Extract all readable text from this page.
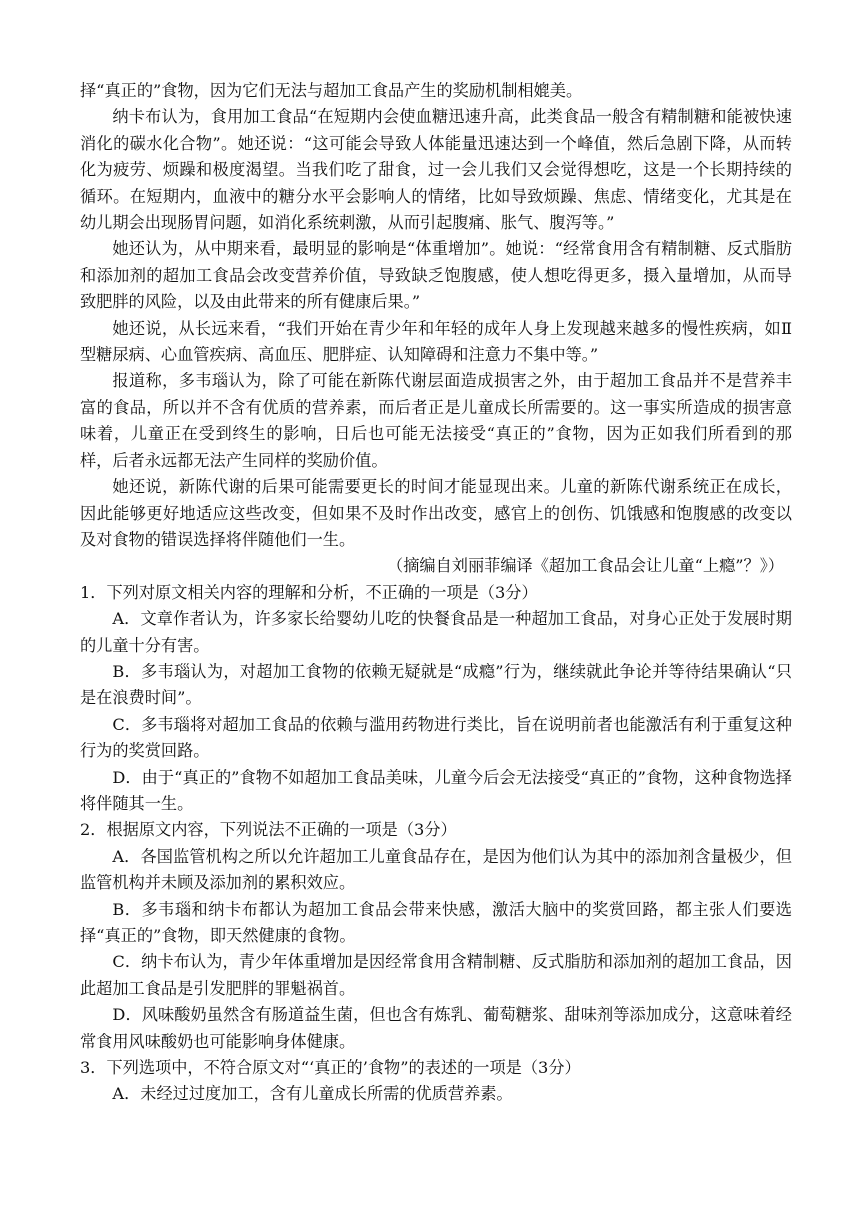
择“真正的”食物，因为它们无法与超加工食品产生的奖励机制相媲美。

纳卡布认为，食用加工食品“在短期内会使血糖迅速升高，此类食品一般含有精制糖和能被快速消化的碳水化合物”。她还说：“这可能会导致人体能量迅速达到一个峰值，然后急剧下降，从而转化为疲劳、烦躁和极度渴望。当我们吃了甜食，过一会儿我们又会觉得想吃，这是一个长期持续的循环。在短期内，血液中的糖分水平会影响人的情绪，比如导致烦躁、焦虑、情绪变化，尤其是在幼儿期会出现肠胃问题，如消化系统刺激，从而引起腹痛、胀气、腹泻等。”

她还认为，从中期来看，最明显的影响是“体重增加”。她说：“经常食用含有精制糖、反式脂肪和添加剂的超加工食品会改变营养价值，导致缺乏饱腹感，使人想吃得更多，摄入量增加，从而导致肥胖的风险，以及由此带来的所有健康后果。”

她还说，从长远来看，“我们开始在青少年和年轻的成年人身上发现越来越多的慢性疾病，如Ⅱ型糖尿病、心血管疾病、高血压、肥胖症、认知障碍和注意力不集中等。”

报道称，多韦瑙认为，除了可能在新陈代谢层面造成损害之外，由于超加工食品并不是营养丰富的食品，所以并不含有优质的营养素，而后者正是儿童成长所需要的。这一事实所造成的损害意味着，儿童正在受到终生的影响，日后也可能无法接受“真正的”食物，因为正如我们所看到的那样，后者永远都无法产生同样的奖励价值。

她还说，新陈代谢的后果可能需要更长的时间才能显现出来。儿童的新陈代谢系统正在成长，因此能够更好地适应这些改变，但如果不及时作出改变，感官上的创伤、饥饿感和饱腹感的改变以及对食物的错误选择将伴随他们一生。

（摘编自刘丽菲编译《超加工食品会让儿童“上瘾”？》）

1．下列对原文相关内容的理解和分析，不正确的一项是（3分）

A．文章作者认为，许多家长给婴幼儿吃的快餐食品是一种超加工食品，对身心正处于发展时期的儿童十分有害。

B．多韦瑙认为，对超加工食物的依赖无疑就是“成瘾”行为，继续就此争论并等待结果确认“只是在浪费时间”。

C．多韦瑙将对超加工食品的依赖与滥用药物进行类比，旨在说明前者也能激活有利于重复这种行为的奖赏回路。

D．由于“真正的”食物不如超加工食品美味，儿童今后会无法接受“真正的”食物，这种食物选择将伴随其一生。

2．根据原文内容，下列说法不正确的一项是（3分）

A．各国监管机构之所以允许超加工儿童食品存在，是因为他们认为其中的添加剂含量极少，但监管机构并未顾及添加剂的累积效应。

B．多韦瑙和纳卡布都认为超加工食品会带来快感，激活大脑中的奖赏回路，都主张人们要选择“真正的”食物，即天然健康的食物。

C．纳卡布认为，青少年体重增加是因经常食用含精制糖、反式脂肪和添加剂的超加工食品，因此超加工食品是引发肥胖的罪魁祸首。

D．风味酸奶虽然含有肠道益生菌，但也含有炼乳、葡萄糖浆、甜味剂等添加成分，这意味着经常食用风味酸奶也可能影响身体健康。

3．下列选项中，不符合原文对“‘真正的’食物”的表述的一项是（3分）

A．未经过过度加工，含有儿童成长所需的优质营养素。
